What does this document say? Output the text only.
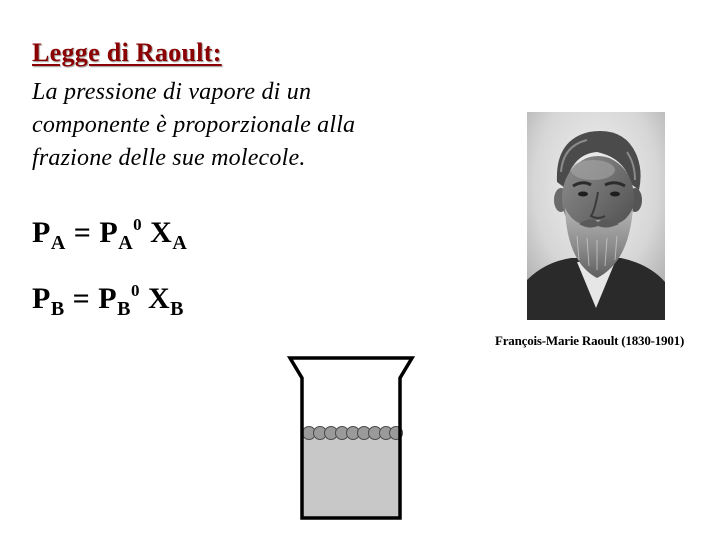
Legge di Raoult:
La pressione di vapore di un
componente è proporzionale alla
frazione delle sue molecole.
$P_A = P_A^0$ $X_A$
$P_B = P_B^0$ $X_B$
François-Marie Raoult (1830-1901)
